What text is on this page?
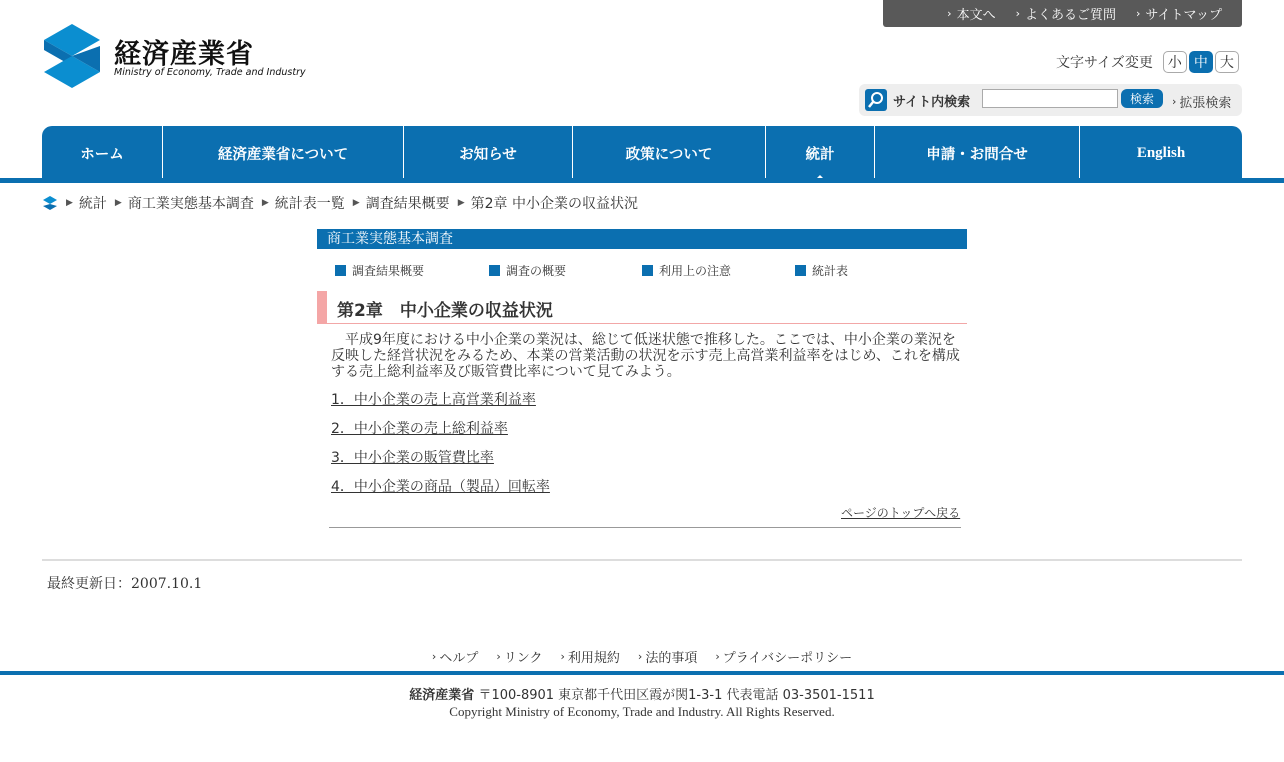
› 本文へ › よくあるご質問 › サイトマップ
経済産業省
Ministry of Economy, Trade and Industry
文字サイズ変更	小 中 大
サイト内検索	検索	› 拡張検索
ホーム	経済産業省について	お知らせ	政策について	統計	申請・お問合せ	English
▶ 統計 ▶ 商工業実態基本調査 ▶ 統計表一覧 ▶ 調査結果概要 ▶ 第2章 中小企業の収益状況
商工業実態基本調査
調査結果概要	調査の概要	利用上の注意	統計表
第2章　中小企業の収益状況
平成9年度における中小企業の業況は、総じて低迷状態で推移した。ここでは、中小企業の業況を反映した経営状況をみるため、本業の営業活動の状況を示す売上高営業利益率をはじめ、これを構成する売上総利益率及び販管費比率について見てみよう。
1．中小企業の売上高営業利益率
2．中小企業の売上総利益率
3．中小企業の販管費比率
4．中小企業の商品（製品）回転率
ページのトップへ戻る
最終更新日：2007.10.1
› ヘルプ › リンク › 利用規約 › 法的事項 › プライバシーポリシー
経済産業省 〒100-8901 東京都千代田区霞が関1-3-1 代表電話 03-3501-1511
Copyright Ministry of Economy, Trade and Industry. All Rights Reserved.
